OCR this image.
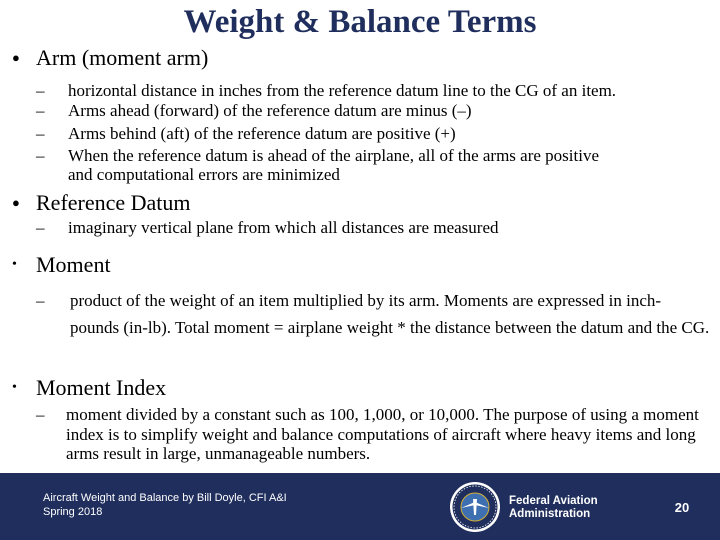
Weight & Balance Terms
● Arm (moment arm)
– horizontal distance in inches from the reference datum line to the CG of an item.
– Arms ahead (forward) of the reference datum are minus (–)
– Arms behind (aft) of the reference datum are positive (+)
– When the reference datum is ahead of the airplane, all of the arms are positive
and computational errors are minimized
● Reference Datum
– imaginary vertical plane from which all distances are measured
• Moment
– product of the weight of an item multiplied by its arm. Moments are expressed in inch-pounds (in-lb). Total moment = airplane weight * the distance between the datum and the CG.
• Moment Index
– moment divided by a constant such as 100, 1,000, or 10,000. The purpose of using a moment index is to simplify weight and balance computations of aircraft where heavy items and long arms result in large, unmanageable numbers.
Aircraft Weight and Balance by Bill Doyle, CFI A&I
Spring 2018
Federal Aviation
Administration	20
